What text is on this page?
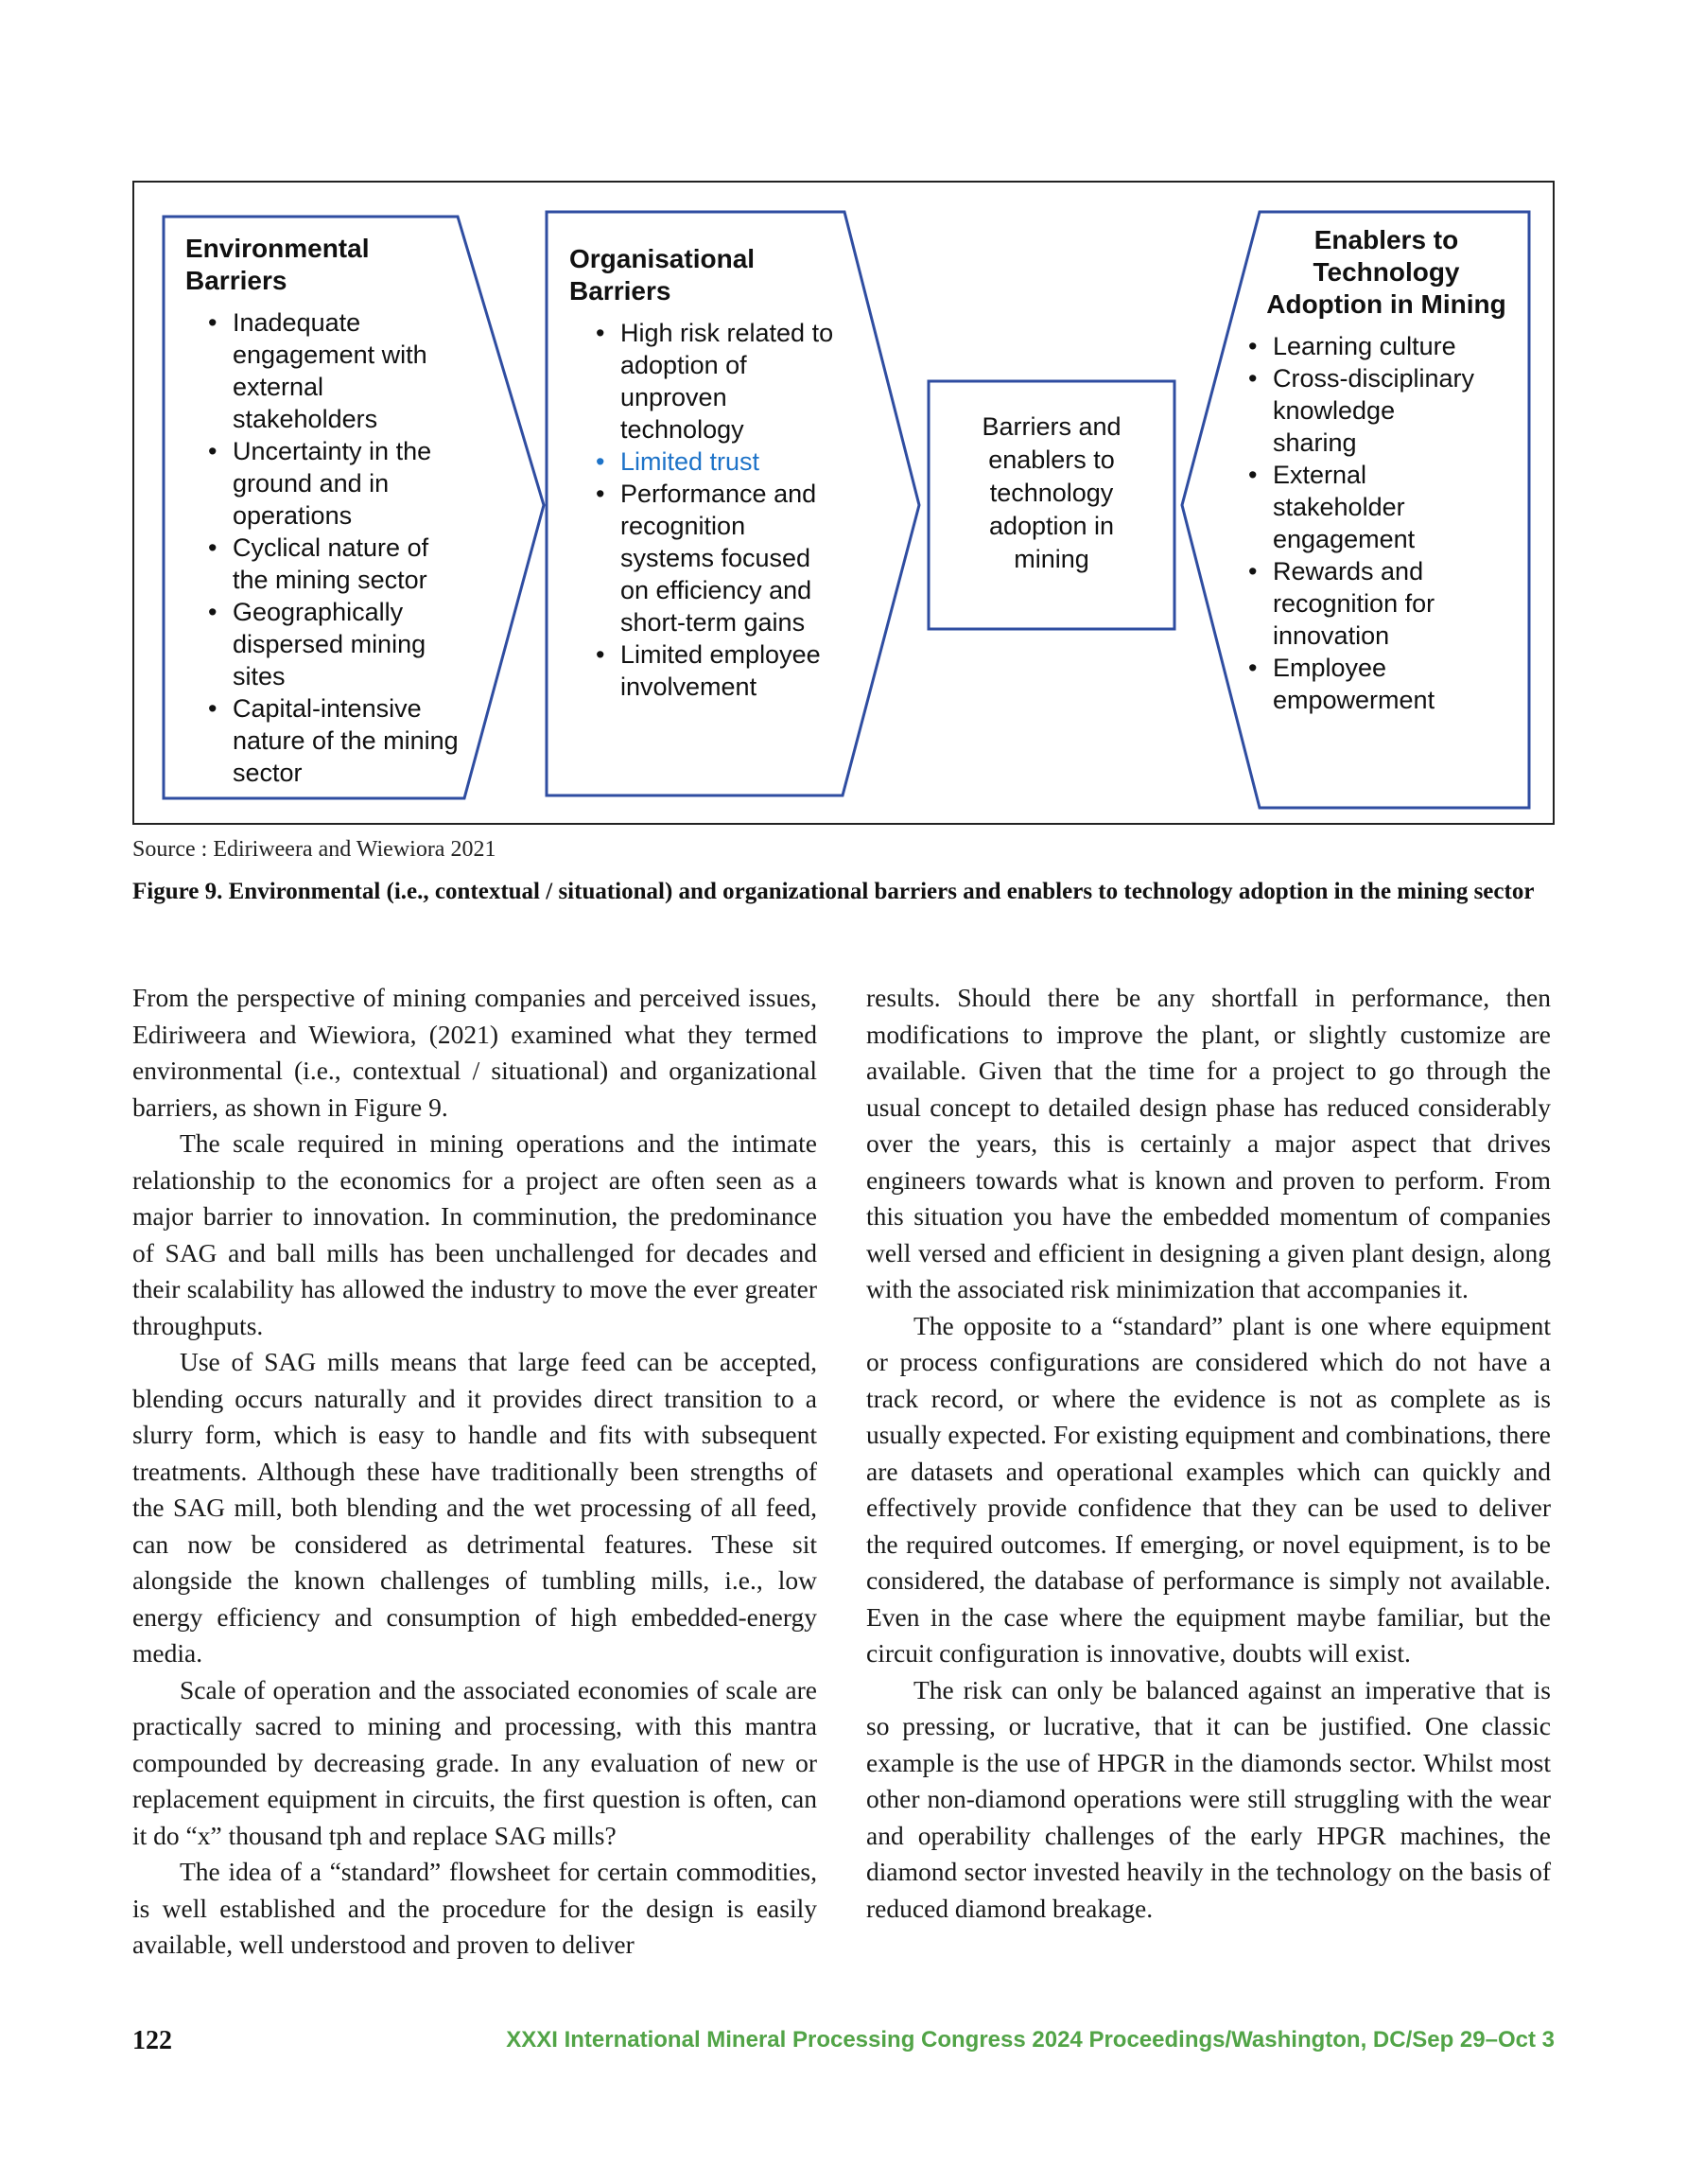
Environmental
Barriers

• Inadequate
engagement with
external
stakeholders
• Uncertainty in the
ground and in
operations
• Cyclical nature of
the mining sector
• Geographically
dispersed mining
sites
• Capital-intensive
nature of the mining
sector

Organisational
Barriers

• High risk related to
adoption of
unproven
technology
• Limited trust
• Performance and
recognition
systems focused
on efficiency and
short-term gains
• Limited employee
involvement
Barriers and
enablers to
technology
adoption in
mining

Enablers to
Technology
Adoption in Mining

• Learning culture
• Cross-disciplinary
knowledge
sharing
• External
stakeholder
engagement
• Rewards and
recognition for
innovation
• Employee
empowerment
Source : Ediriweera and Wiewiora 2021
Figure 9. Environmental (i.e., contextual / situational) and organizational barriers and enablers to technology adoption in the mining sector

From the perspective of mining companies and perceived issues, Ediriweera and Wiewiora, (2021) examined what they termed environmental (i.e., contextual / situational) and organizational barriers, as shown in Figure 9.

The scale required in mining operations and the intimate relationship to the economics for a project are often seen as a major barrier to innovation. In comminution, the predominance of SAG and ball mills has been unchallenged for decades and their scalability has allowed the industry to move the ever greater throughputs.

Use of SAG mills means that large feed can be accepted, blending occurs naturally and it provides direct transition to a slurry form, which is easy to handle and fits with subsequent treatments. Although these have traditionally been strengths of the SAG mill, both blending and the wet processing of all feed, can now be considered as detrimental features. These sit alongside the known challenges of tumbling mills, i.e., low energy efficiency and consumption of high embedded-energy media.

Scale of operation and the associated economies of scale are practically sacred to mining and processing, with this mantra compounded by decreasing grade. In any evaluation of new or replacement equipment in circuits, the first question is often, can it do “x” thousand tph and replace SAG mills?

The idea of a “standard” flowsheet for certain commodities, is well established and the procedure for the design is easily available, well understood and proven to deliver

results. Should there be any shortfall in performance, then modifications to improve the plant, or slightly customize are available. Given that the time for a project to go through the usual concept to detailed design phase has reduced considerably over the years, this is certainly a major aspect that drives engineers towards what is known and proven to perform. From this situation you have the embedded momentum of companies well versed and efficient in designing a given plant design, along with the associated risk minimization that accompanies it.

The opposite to a “standard” plant is one where equipment or process configurations are considered which do not have a track record, or where the evidence is not as complete as is usually expected. For existing equipment and combinations, there are datasets and operational examples which can quickly and effectively provide confidence that they can be used to deliver the required outcomes. If emerging, or novel equipment, is to be considered, the database of performance is simply not available. Even in the case where the equipment maybe familiar, but the circuit configuration is innovative, doubts will exist.

The risk can only be balanced against an imperative that is so pressing, or lucrative, that it can be justified. One classic example is the use of HPGR in the diamonds sector. Whilst most other non-diamond operations were still struggling with the wear and operability challenges of the early HPGR machines, the diamond sector invested heavily in the technology on the basis of reduced diamond breakage.

122	XXXI International Mineral Processing Congress 2024 Proceedings/Washington, DC/Sep 29–Oct 3
